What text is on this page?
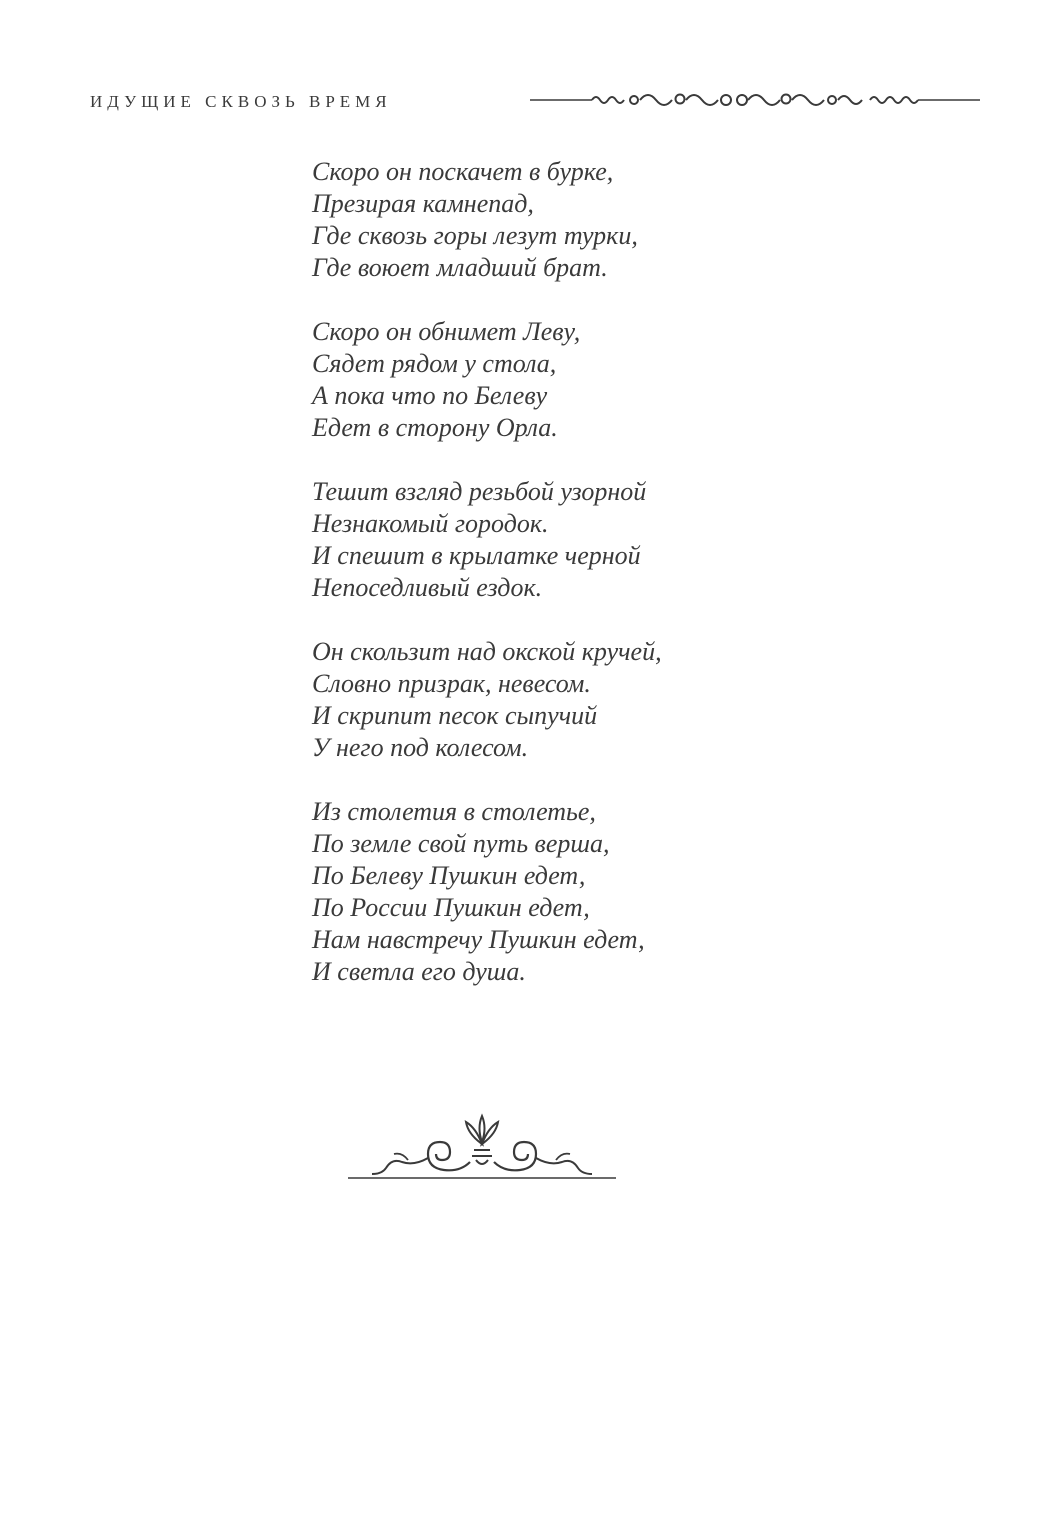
ИДУЩИЕ СКВОЗЬ ВРЕМЯ
Скоро он поскачет в бурке,
Презирая камнепад,
Где сквозь горы лезут турки,
Где воюет младший брат.
Скоро он обнимет Леву,
Сядет рядом у стола,
А пока что по Белеву
Едет в сторону Орла.
Тешит взгляд резьбой узорной
Незнакомый городок.
И спешит в крылатке черной
Непоседливый ездок.
Он скользит над окской кручей,
Словно призрак, невесом.
И скрипит песок сыпучий
У него под колесом.
Из столетия в столетье,
По земле свой путь верша,
По Белеву Пушкин едет,
По России Пушкин едет,
Нам навстречу Пушкин едет,
И светла его душа.
